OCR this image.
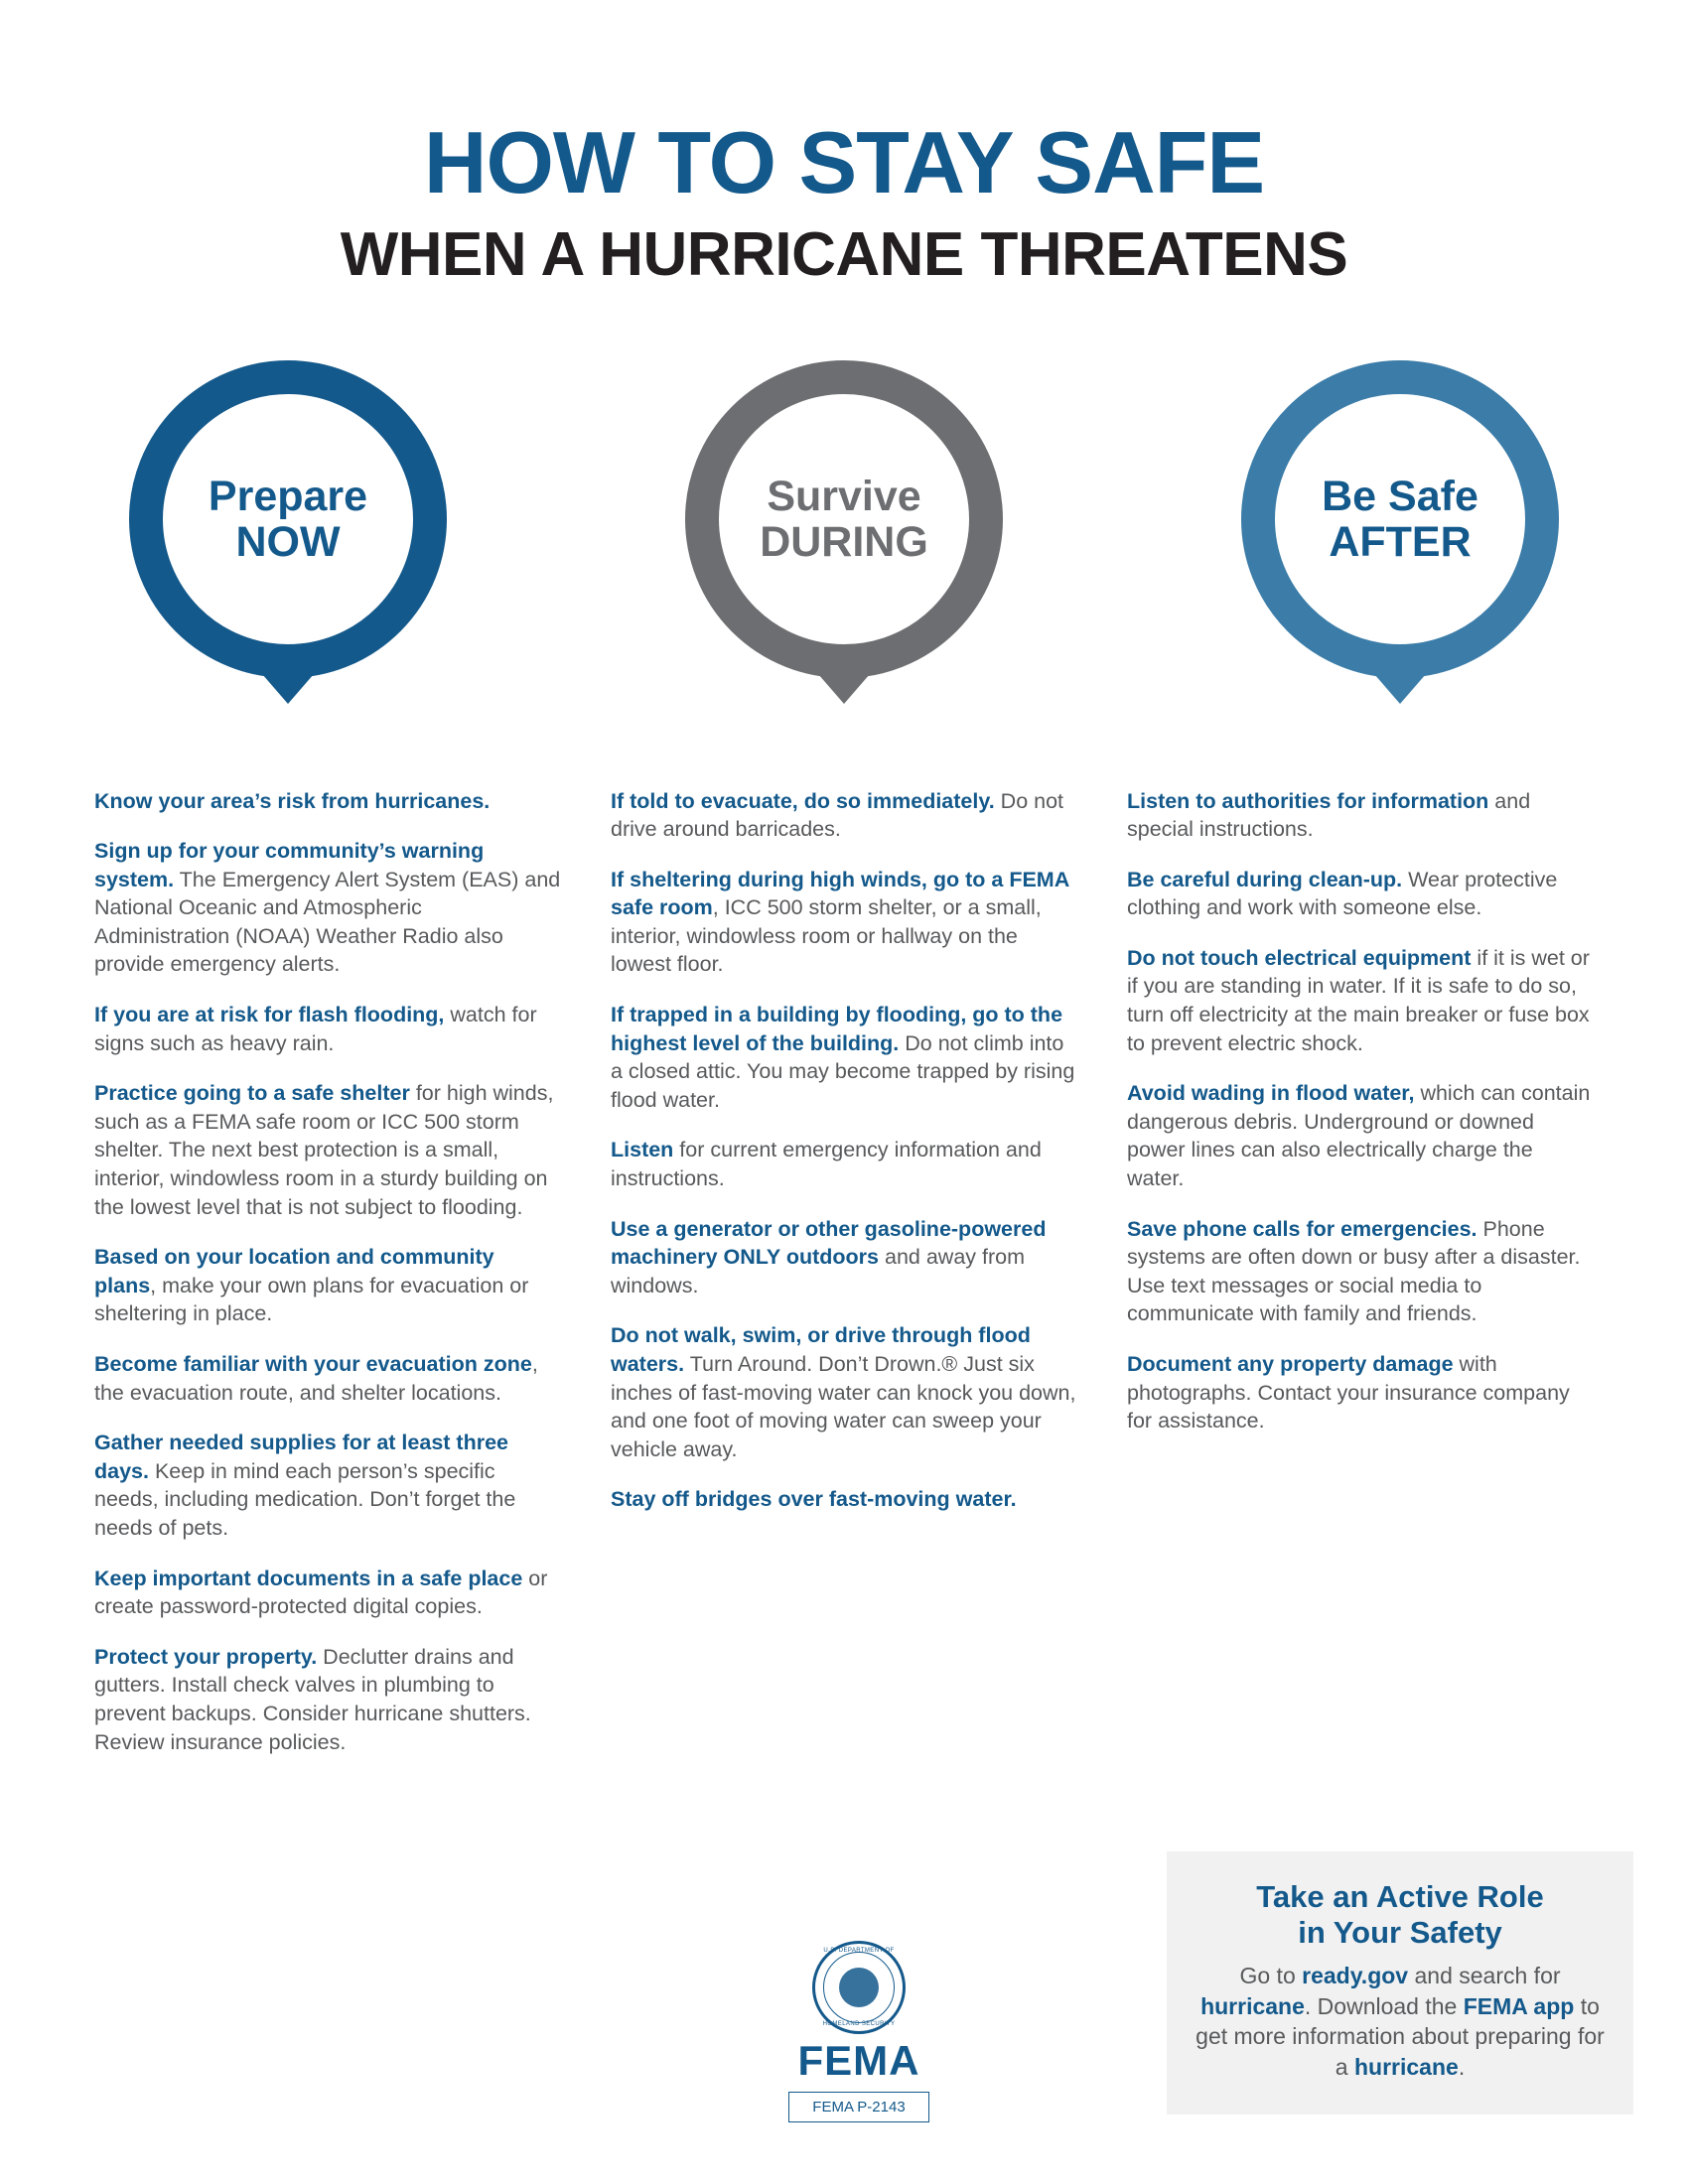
HOW TO STAY SAFE
WHEN A HURRICANE THREATENS
Prepare
NOW
Survive
DURING
Be Safe
AFTER

Know your area’s risk from hurricanes.

Sign up for your community’s warning system. The Emergency Alert System (EAS) and National Oceanic and Atmospheric Administration (NOAA) Weather Radio also provide emergency alerts.

If you are at risk for flash flooding, watch for signs such as heavy rain.

Practice going to a safe shelter for high winds, such as a FEMA safe room or ICC 500 storm shelter. The next best protection is a small, interior, windowless room in a sturdy building on the lowest level that is not subject to flooding.

Based on your location and community plans, make your own plans for evacuation or sheltering in place.

Become familiar with your evacuation zone, the evacuation route, and shelter locations.

Gather needed supplies for at least three days. Keep in mind each person’s specific needs, including medication. Don’t forget the needs of pets.

Keep important documents in a safe place or create password-protected digital copies.

Protect your property. Declutter drains and gutters. Install check valves in plumbing to prevent backups. Consider hurricane shutters. Review insurance policies.

If told to evacuate, do so immediately. Do not drive around barricades.

If sheltering during high winds, go to a FEMA safe room, ICC 500 storm shelter, or a small, interior, windowless room or hallway on the lowest floor.

If trapped in a building by flooding, go to the highest level of the building. Do not climb into a closed attic. You may become trapped by rising flood water.

Listen for current emergency information and instructions.

Use a generator or other gasoline-powered machinery ONLY outdoors and away from windows.

Do not walk, swim, or drive through flood waters. Turn Around. Don’t Drown.® Just six inches of fast-moving water can knock you down, and one foot of moving water can sweep your vehicle away.

Stay off bridges over fast-moving water.

Listen to authorities for information and special instructions.

Be careful during clean-up. Wear protective clothing and work with someone else.

Do not touch electrical equipment if it is wet or if you are standing in water. If it is safe to do so, turn off electricity at the main breaker or fuse box to prevent electric shock.

Avoid wading in flood water, which can contain dangerous debris. Underground or downed power lines can also electrically charge the water.

Save phone calls for emergencies. Phone systems are often down or busy after a disaster. Use text messages or social media to communicate with family and friends.

Document any property damage with photographs. Contact your insurance company for assistance.

U.S. DEPARTMENT OF
HOMELAND SECURITY
FEMA
FEMA P-2143
Take an Active Role
in Your Safety
Go to ready.gov and search for hurricane. Download the FEMA app to get more information about preparing for a hurricane.
